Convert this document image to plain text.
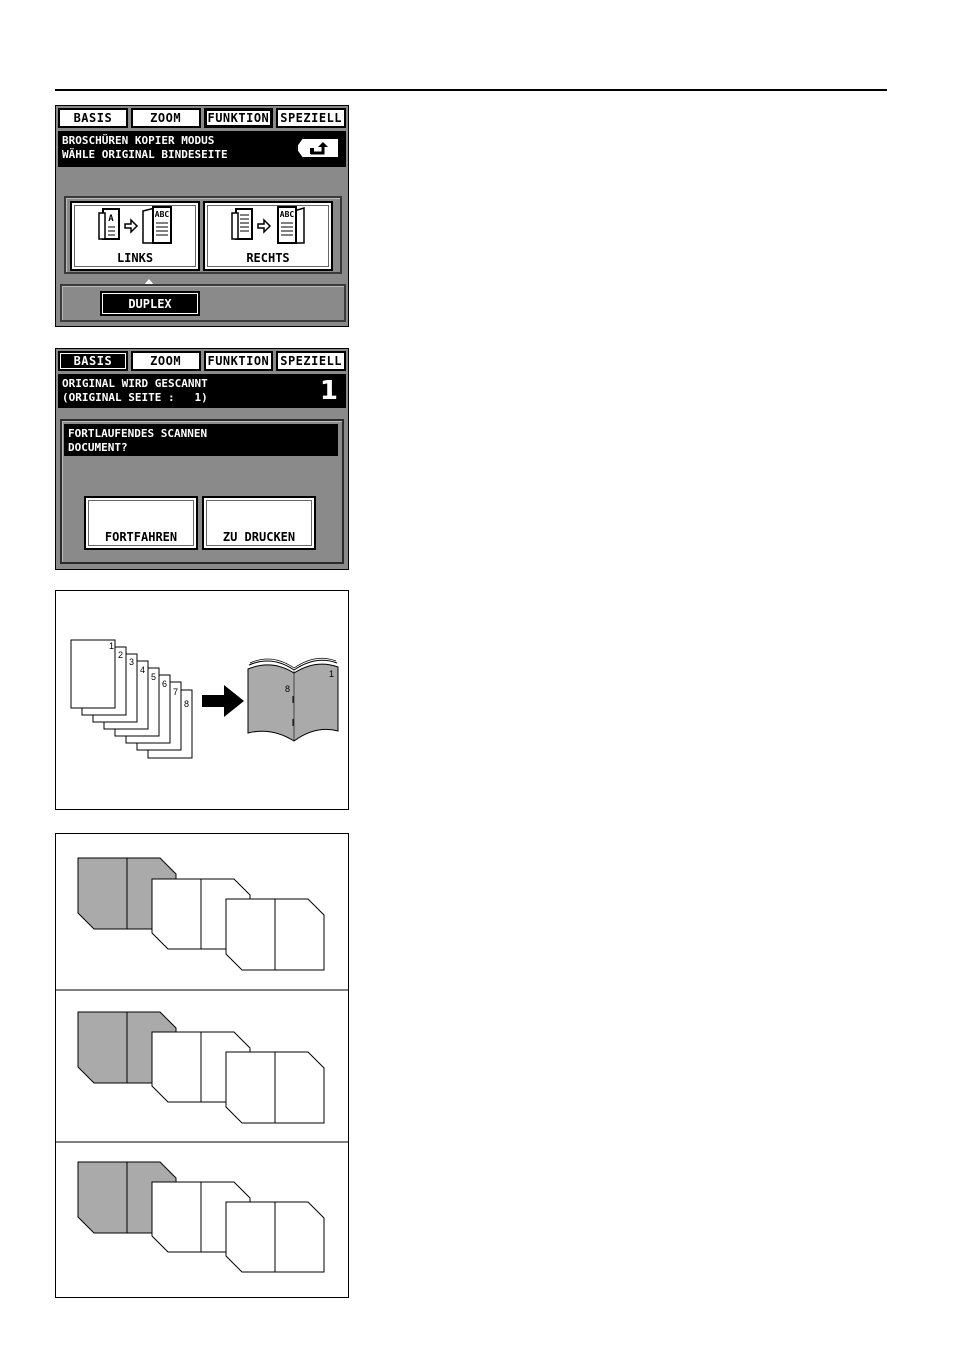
BASIS	ZOOM	FUNKTION SPEZIELL
BROSCHÜREN KOPIER MODUS
WÄHLE ORIGINAL BINDESEITE
A	ABC
LINKS
ABC
RECHTS
DUPLEX
BASIS	ZOOM	FUNKTION SPEZIELL
ORIGINAL WIRD GESCANNT
(ORIGINAL SEITE :   1)	1
FORTLAUFENDES SCANNEN
DOCUMENT?
FORTFAHREN	ZU DRUCKEN
1
2
3
4
5
6
7
8
8
1
